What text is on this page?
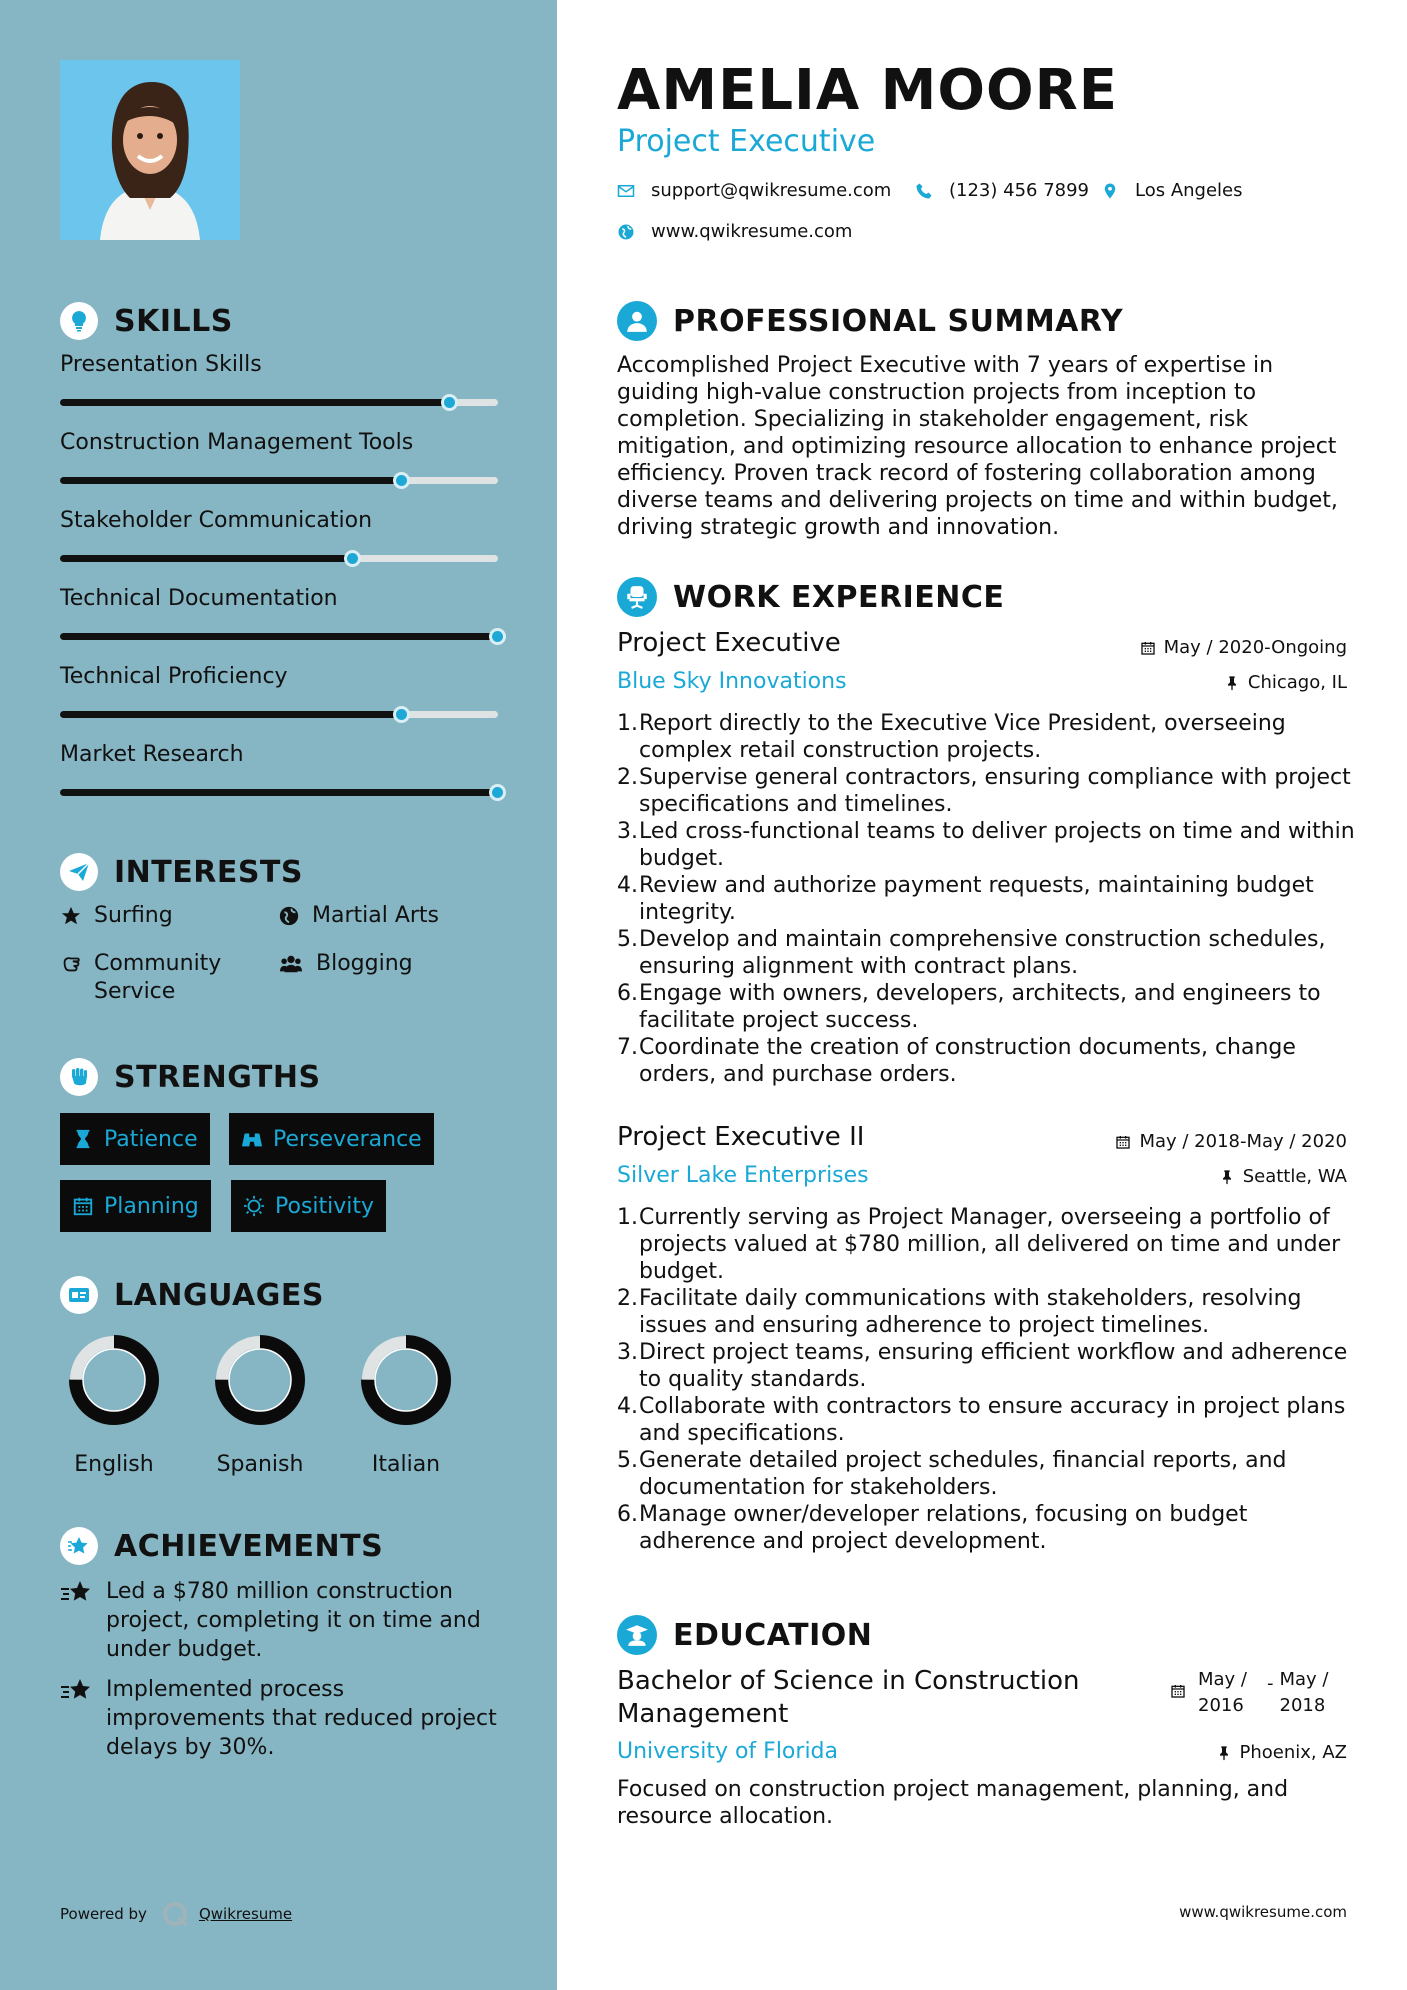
SKILLS
Presentation Skills
Construction Management Tools
Stakeholder Communication
Technical Documentation
Technical Proficiency
Market Research
INTERESTS
Surfing	Martial Arts
Community Service
Blogging
STRENGTHS
Patience	Perseverance
Planning	Positivity
LANGUAGES
English	Spanish	Italian
ACHIEVEMENTS
Led a $780 million construction project, completing it on time and under budget.
Implemented process improvements that reduced project delays by 30%.
Powered by	Qwikresume
AMELIA MOORE
Project Executive
support@qwikresume.com	(123) 456 7899	Los Angeles
www.qwikresume.com
PROFESSIONAL SUMMARY
Accomplished Project Executive with 7 years of expertise in guiding high-value construction projects from inception to completion. Specializing in stakeholder engagement, risk mitigation, and optimizing resource allocation to enhance project efficiency. Proven track record of fostering collaboration among diverse teams and delivering projects on time and within budget, driving strategic growth and innovation.
WORK EXPERIENCE
Project Executive	May / 2020-Ongoing
Blue Sky Innovations	Chicago, IL
1. Report directly to the Executive Vice President, overseeing complex retail construction projects.
2. Supervise general contractors, ensuring compliance with project specifications and timelines.
3. Led cross-functional teams to deliver projects on time and within budget.
4. Review and authorize payment requests, maintaining budget integrity.
5. Develop and maintain comprehensive construction schedules, ensuring alignment with contract plans.
6. Engage with owners, developers, architects, and engineers to facilitate project success.
7. Coordinate the creation of construction documents, change orders, and purchase orders.
Project Executive II	May / 2018-May / 2020
Silver Lake Enterprises	Seattle, WA
1. Currently serving as Project Manager, overseeing a portfolio of projects valued at $780 million, all delivered on time and under budget.
2. Facilitate daily communications with stakeholders, resolving issues and ensuring adherence to project timelines.
3. Direct project teams, ensuring efficient workflow and adherence to quality standards.
4. Collaborate with contractors to ensure accuracy in project plans and specifications.
5. Generate detailed project schedules, financial reports, and documentation for stakeholders.
6. Manage owner/developer relations, focusing on budget adherence and project development.
EDUCATION
Bachelor of Science in Construction Management
May /
2016
- May /
2018
University of Florida	Phoenix, AZ
Focused on construction project management, planning, and resource allocation.
www.qwikresume.com
